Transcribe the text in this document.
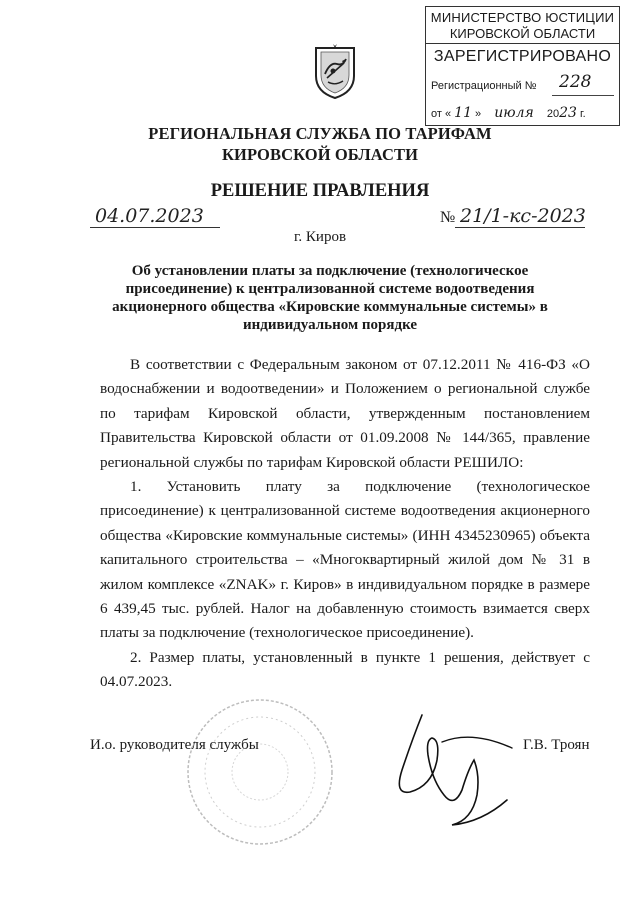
МИНИСТЕРСТВО ЮСТИЦИИ
КИРОВСКОЙ ОБЛАСТИ
ЗАРЕГИСТРИРОВАНО
Регистрационный № 228
от « 11 » июля 2023 г.
РЕГИОНАЛЬНАЯ СЛУЖБА ПО ТАРИФАМ
КИРОВСКОЙ ОБЛАСТИ
РЕШЕНИЕ ПРАВЛЕНИЯ
04.07.2023	№ 21/1-кс-2023
г. Киров
Об установлении платы за подключение (технологическое присоединение) к централизованной системе водоотведения акционерного общества «Кировские коммунальные системы» в индивидуальном порядке

В соответствии с Федеральным законом от 07.12.2011 № 416-ФЗ «О водоснабжении и водоотведении» и Положением о региональной службе по тарифам Кировской области, утвержденным постановлением Правительства Кировской области от 01.09.2008 № 144/365, правление региональной службы по тарифам Кировской области РЕШИЛО:

1. Установить плату за подключение (технологическое присоединение) к централизованной системе водоотведения акционерного общества «Кировские коммунальные системы» (ИНН 4345230965) объекта капитального строительства – «Многоквартирный жилой дом № 31 в жилом комплексе «ZNAK» г. Киров» в индивидуальном порядке в размере 6 439,45 тыс. рублей. Налог на добавленную стоимость взимается сверх платы за подключение (технологическое присоединение).

2. Размер платы, установленный в пункте 1 решения, действует с 04.07.2023.

И.о. руководителя службы	Г.В. Троян
